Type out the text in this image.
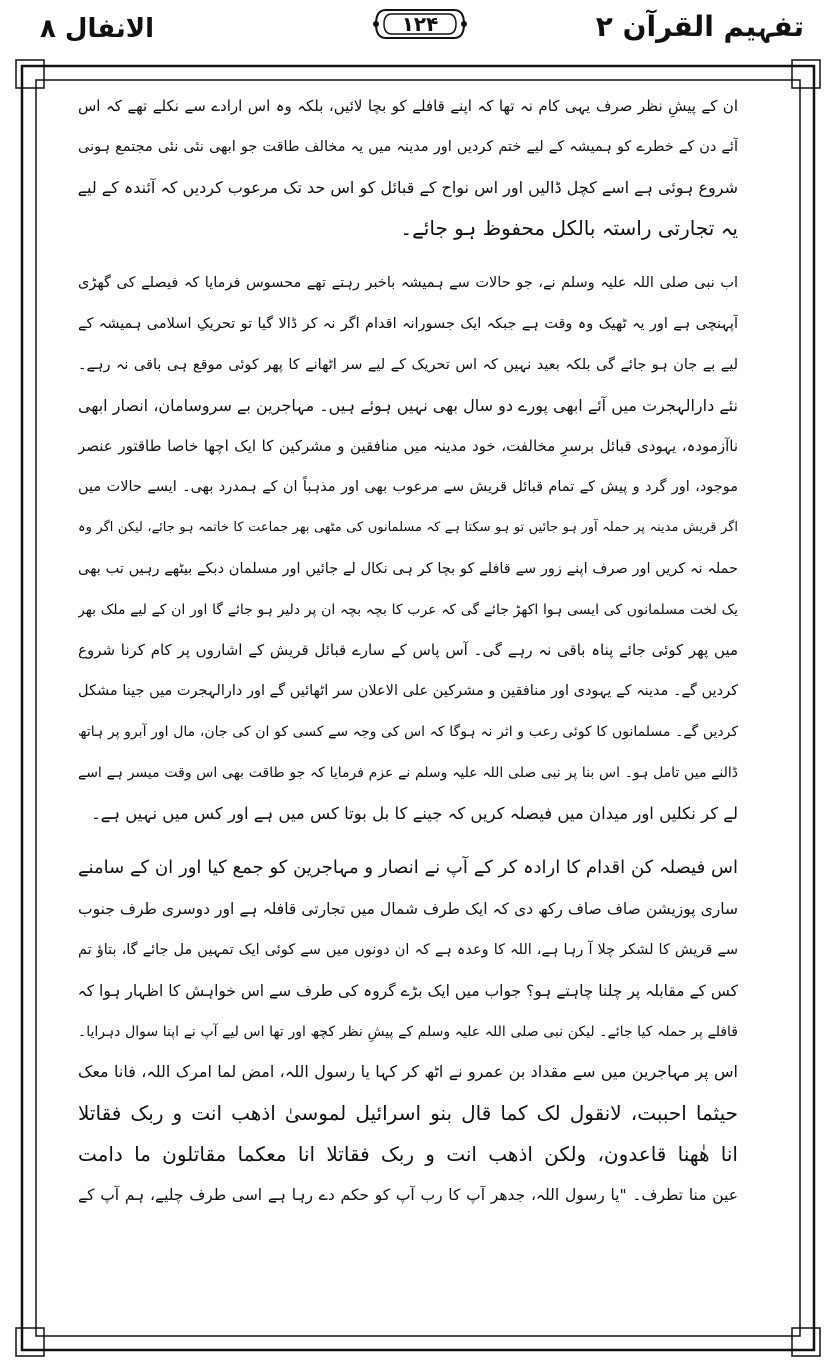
الانفال ۸	۱۲۴	تفہیم القرآن ۲
ان کے پیشِ نظر صرف یہی کام نہ تھا کہ اپنے قافلے کو بچا لائیں، بلکہ وہ اس ارادے سے نکلے تھے کہ اس
آئے دن کے خطرے کو ہمیشہ کے لیے ختم کردیں اور مدینہ میں یہ مخالف طاقت جو ابھی نئی نئی مجتمع ہونی
شروع ہوئی ہے اسے کچل ڈالیں اور اس نواح کے قبائل کو اس حد تک مرعوب کردیں کہ آئندہ کے لیے
یہ تجارتی راستہ بالکل محفوظ ہو جائے۔
اب نبی صلی اللہ علیہ وسلم نے، جو حالات سے ہمیشہ باخبر رہتے تھے محسوس فرمایا کہ فیصلے کی گھڑی
آپہنچی ہے اور یہ ٹھیک وہ وقت ہے جبکہ ایک جسورانہ اقدام اگر نہ کر ڈالا گیا تو تحریکِ اسلامی ہمیشہ کے
لیے بے جان ہو جائے گی بلکہ بعید نہیں کہ اس تحریک کے لیے سر اٹھانے کا پھر کوئی موقع ہی باقی نہ رہے۔
نئے دارالہجرت میں آئے ابھی پورے دو سال بھی نہیں ہوئے ہیں۔ مہاجرین بے سروسامان، انصار ابھی
ناآزمودہ، یہودی قبائل برسرِ مخالفت، خود مدینہ میں منافقین و مشرکین کا ایک اچھا خاصا طاقتور عنصر
موجود، اور گرد و پیش کے تمام قبائل قریش سے مرعوب بھی اور مذہباً ان کے ہمدرد بھی۔ ایسے حالات میں
اگر قریش مدینہ پر حملہ آور ہو جائیں تو ہو سکتا ہے کہ مسلمانوں کی مٹھی بھر جماعت کا خاتمہ ہو جائے، لیکن اگر وہ
حملہ نہ کریں اور صرف اپنے زور سے قافلے کو بچا کر ہی نکال لے جائیں اور مسلمان دبکے بیٹھے رہیں تب بھی
یک لخت مسلمانوں کی ایسی ہوا اکھڑ جائے گی کہ عرب کا بچہ بچہ ان پر دلیر ہو جائے گا اور ان کے لیے ملک بھر
میں پھر کوئی جائے پناہ باقی نہ رہے گی۔ آس پاس کے سارے قبائل قریش کے اشاروں پر کام کرنا شروع
کردیں گے۔ مدینہ کے یہودی اور منافقین و مشرکین علی الاعلان سر اٹھائیں گے اور دارالہجرت میں جینا مشکل
کردیں گے۔ مسلمانوں کا کوئی رعب و اثر نہ ہوگا کہ اس کی وجہ سے کسی کو ان کی جان، مال اور آبرو پر ہاتھ
ڈالنے میں تامل ہو۔ اس بنا پر نبی صلی اللہ علیہ وسلم نے عزم فرمایا کہ جو طاقت بھی اس وقت میسر ہے اسے
لے کر نکلیں اور میدان میں فیصلہ کریں کہ جینے کا بل بوتا کس میں ہے اور کس میں نہیں ہے۔
اس فیصلہ کن اقدام کا ارادہ کر کے آپ نے انصار و مہاجرین کو جمع کیا اور ان کے سامنے
ساری پوزیشن صاف صاف رکھ دی کہ ایک طرف شمال میں تجارتی قافلہ ہے اور دوسری طرف جنوب
سے قریش کا لشکر چلا آ رہا ہے، اللہ کا وعدہ ہے کہ ان دونوں میں سے کوئی ایک تمہیں مل جائے گا، بتاؤ تم
کس کے مقابلہ پر چلنا چاہتے ہو؟ جواب میں ایک بڑے گروہ کی طرف سے اس خواہش کا اظہار ہوا کہ
قافلے پر حملہ کیا جائے۔ لیکن نبی صلی اللہ علیہ وسلم کے پیشِ نظر کچھ اور تھا اس لیے آپ نے اپنا سوال دہرایا۔
اس پر مہاجرین میں سے مقداد بن عمرو نے اٹھ کر کہا یا رسول اللہ، امض لما امرک اللہ، فانا معک
حیثما احببت، لانقول لک کما قال بنو اسرائیل لموسیٰ اذھب انت و ربک فقاتلا
انا ھٰھنا قاعدون، ولکن اذھب انت و ربک فقاتلا انا معکما مقاتلون ما دامت
عین منا تطرف۔ "یا رسول اللہ، جدھر آپ کا رب آپ کو حکم دے رہا ہے اسی طرف چلیے، ہم آپ کے
